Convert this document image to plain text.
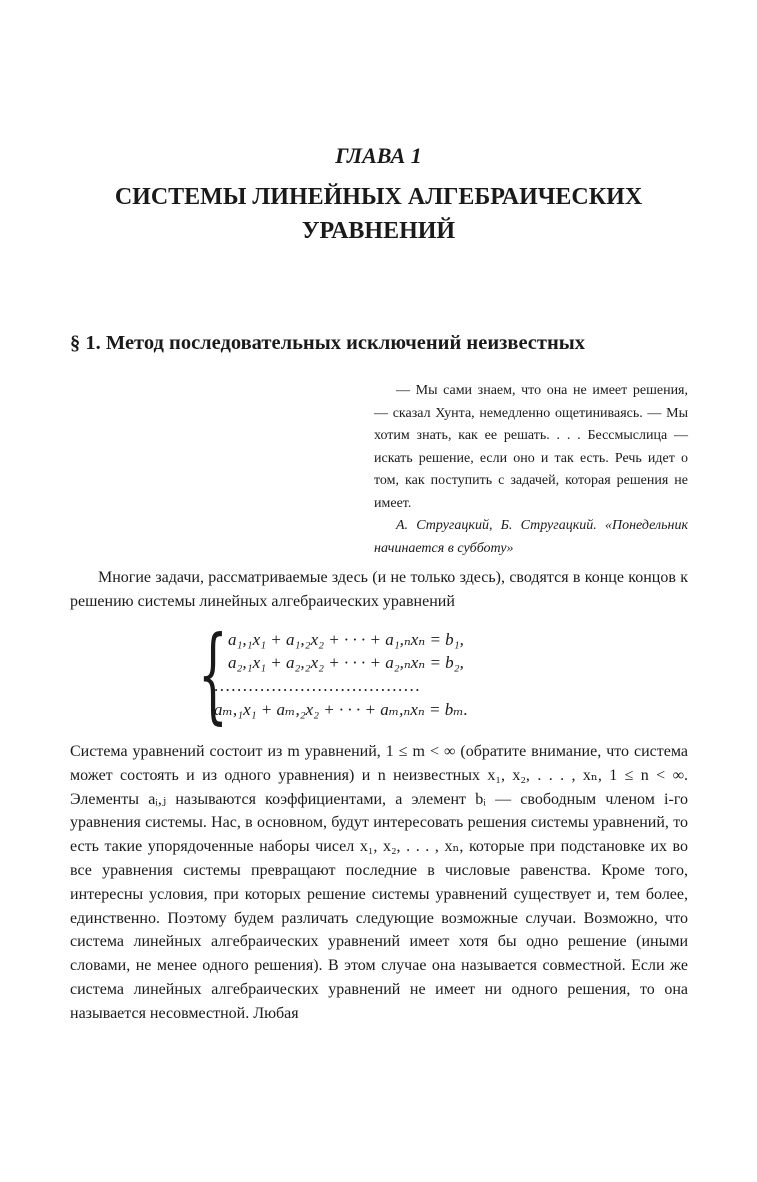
ГЛАВА 1
СИСТЕМЫ ЛИНЕЙНЫХ АЛГЕБРАИЧЕСКИХ УРАВНЕНИЙ
§ 1. Метод последовательных исключений неизвестных

— Мы сами знаем, что она не имеет решения, — сказал Хунта, немедленно ощетиниваясь. — Мы хотим знать, как ее решать. . . . Бессмыслица — искать решение, если оно и так есть. Речь идет о том, как поступить с задачей, которая решения не имеет.

А. Стругацкий, Б. Стругацкий. «Понедельник начинается в субботу»

Многие задачи, рассматриваемые здесь (и не только здесь), сводятся в конце концов к решению системы линейных алгебраических уравнений

{ a₁,₁x₁ + a₁,₂x₂ + · · · + a₁,ₙxₙ = b₁,
a₂,₁x₁ + a₂,₂x₂ + · · · + a₂,ₙxₙ = b₂,
....................................
aₘ,₁x₁ + aₘ,₂x₂ + · · · + aₘ,ₙxₙ = bₘ.

Система уравнений состоит из m уравнений, 1 ≤ m < ∞ (обратите внимание, что система может состоять и из одного уравнения) и n неизвестных x₁, x₂, . . . , xₙ, 1 ≤ n < ∞. Элементы aᵢ,ⱼ называются коэффициентами, а элемент bᵢ — свободным членом i-го уравнения системы. Нас, в основном, будут интересовать решения системы уравнений, то есть такие упорядоченные наборы чисел x₁, x₂, . . . , xₙ, которые при подстановке их во все уравнения системы превращают последние в числовые равенства. Кроме того, интересны условия, при которых решение системы уравнений существует и, тем более, единственно. Поэтому будем различать следующие возможные случаи. Возможно, что система линейных алгебраических уравнений имеет хотя бы одно решение (иными словами, не менее одного решения). В этом случае она называется совместной. Если же система линейных алгебраических уравнений не имеет ни одного решения, то она называется несовместной. Любая
